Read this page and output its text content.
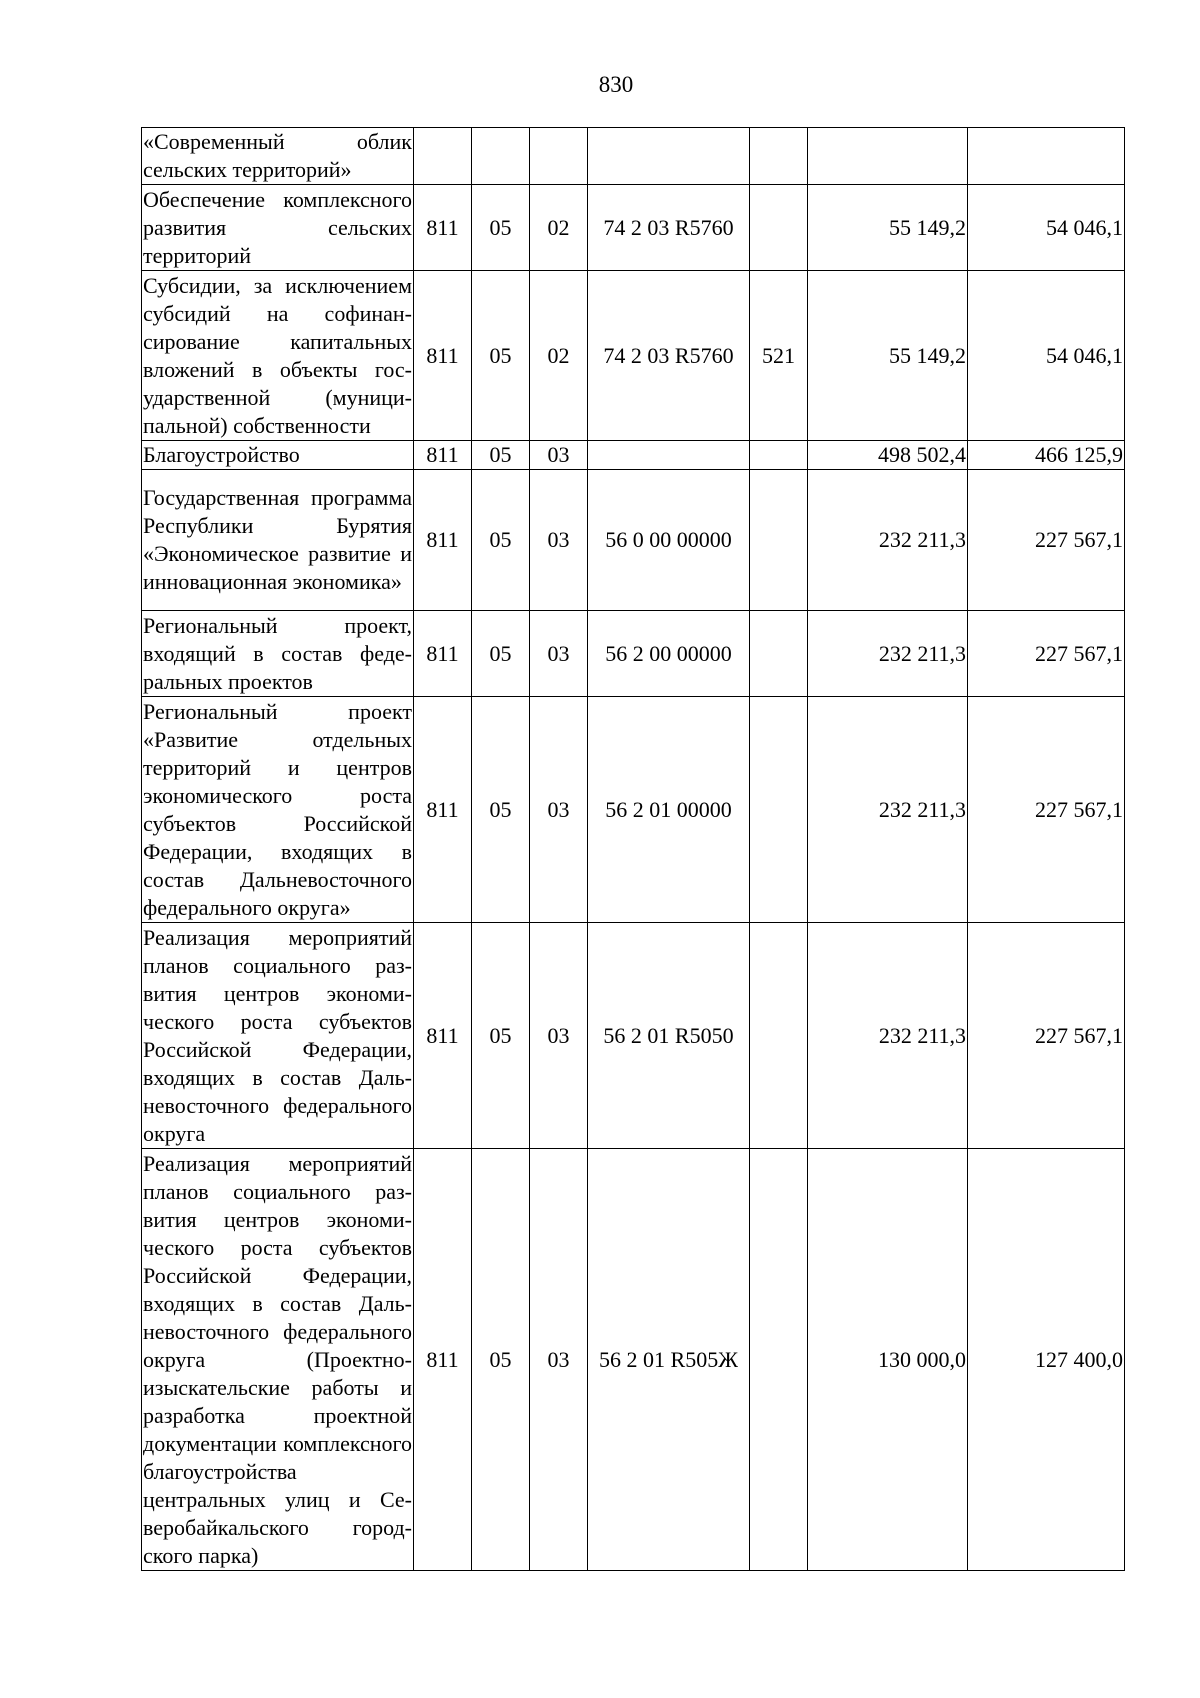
830
«Современный облик сельских территорий»							
Обеспечение комплексного развития сельских территорий	811	05	02	74 2 03 R5760		55 149,2	54 046,1
Субсидии, за исключением субсидий на софинансирование капитальных вложений в объекты государственной (муниципальной) собственности	811	05	02	74 2 03 R5760	521	55 149,2	54 046,1
Благоустройство	811	05	03			498 502,4	466 125,9
Государственная программа Республики Бурятия «Экономическое развитие и инновационная экономика»	811	05	03	56 0 00 00000		232 211,3	227 567,1
Региональный проект, входящий в состав федеральных проектов	811	05	03	56 2 00 00000		232 211,3	227 567,1
Региональный проект «Развитие отдельных территорий и центров экономического роста субъектов Российской Федерации, входящих в состав Дальневосточного федерального округа»	811	05	03	56 2 01 00000		232 211,3	227 567,1
Реализация мероприятий планов социального развития центров экономического роста субъектов Российской Федерации, входящих в состав Дальневосточного федерального округа	811	05	03	56 2 01 R5050		232 211,3	227 567,1
Реализация мероприятий планов социального развития центров экономического роста субъектов Российской Федерации, входящих в состав Дальневосточного федерального округа (Проектно-изыскательские работы и разработка проектной документации комплексного благоустройства центральных улиц и Северобайкальского городского парка)	811	05	03	56 2 01 R505Ж		130 000,0	127 400,0
